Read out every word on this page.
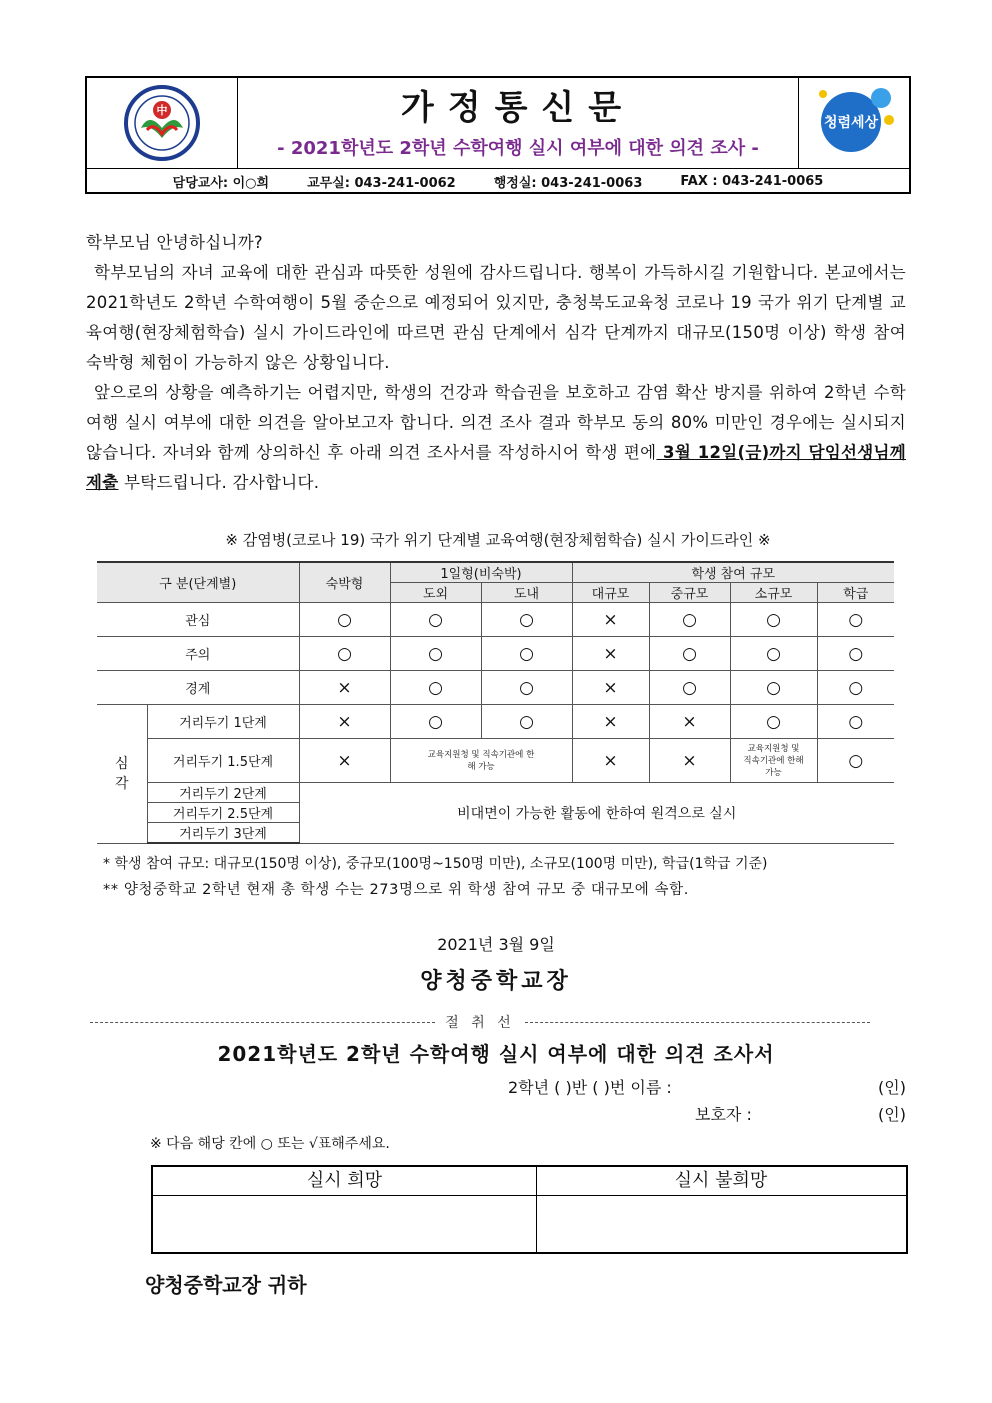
中	가정통신문
- 2021학년도 2학년 수학여행 실시 여부에 대한 의견 조사 -
청렴세상
담당교사: 이○희	교무실: 043-241-0062	행정실: 043-241-0063	FAX : 043-241-0065
학부모님 안녕하십니까?
학부모님의 자녀 교육에 대한 관심과 따뜻한 성원에 감사드립니다. 행복이 가득하시길 기원합니다. 본교에서는 2021학년도 2학년 수학여행이 5월 중순으로 예정되어 있지만, 충청북도교육청 코로나 19 국가 위기 단계별 교육여행(현장체험학습) 실시 가이드라인에 따르면 관심 단계에서 심각 단계까지 대규모(150명 이상) 학생 참여 숙박형 체험이 가능하지 않은 상황입니다.
앞으로의 상황을 예측하기는 어렵지만, 학생의 건강과 학습권을 보호하고 감염 확산 방지를 위하여 2학년 수학여행 실시 여부에 대한 의견을 알아보고자 합니다. 의견 조사 결과 학부모 동의 80% 미만인 경우에는 실시되지 않습니다. 자녀와 함께 상의하신 후 아래 의견 조사서를 작성하시어 학생 편에 3월 12일(금)까지 담임선생님께 제출 부탁드립니다. 감사합니다.
※ 감염병(코로나 19) 국가 위기 단계별 교육여행(현장체험학습) 실시 가이드라인 ※
구 분(단계별)		숙박형	1일형(비숙박)		학생 참여 규모			
			도외	도내	대규모	중규모	소규모	학급
관심		○	○	○	×	○	○	○
주의		○	○	○	×	○	○	○
경계		×	○	○	×	○	○	○

심각	거리두기 1단계	×	○	○	×	×	○	○
	거리두기 1.5단계	×	교육지원청 및 직속기관에 한해 가능		×	×	교육지원청 및 직속기관에 한해 가능	○
	거리두기 2단계	비대면이 가능한 활동에 한하여 원격으로 실시						
	거리두기 2.5단계							
	거리두기 3단계							
* 학생 참여 규모: 대규모(150명 이상), 중규모(100명~150명 미만), 소규모(100명 미만), 학급(1학급 기준)
** 양청중학교 2학년 현재 총 학생 수는 273명으로 위 학생 참여 규모 중 대규모에 속함.
2021년 3월 9일
양청중학교장
절 취 선
2021학년도 2학년 수학여행 실시 여부에 대한 의견 조사서
2학년 ( )반 ( )번 이름 :	(인)
보호자 :	(인)
※ 다음 해당 칸에 ○ 또는 √표해주세요.
실시 희망	실시 불희망
양청중학교장 귀하
